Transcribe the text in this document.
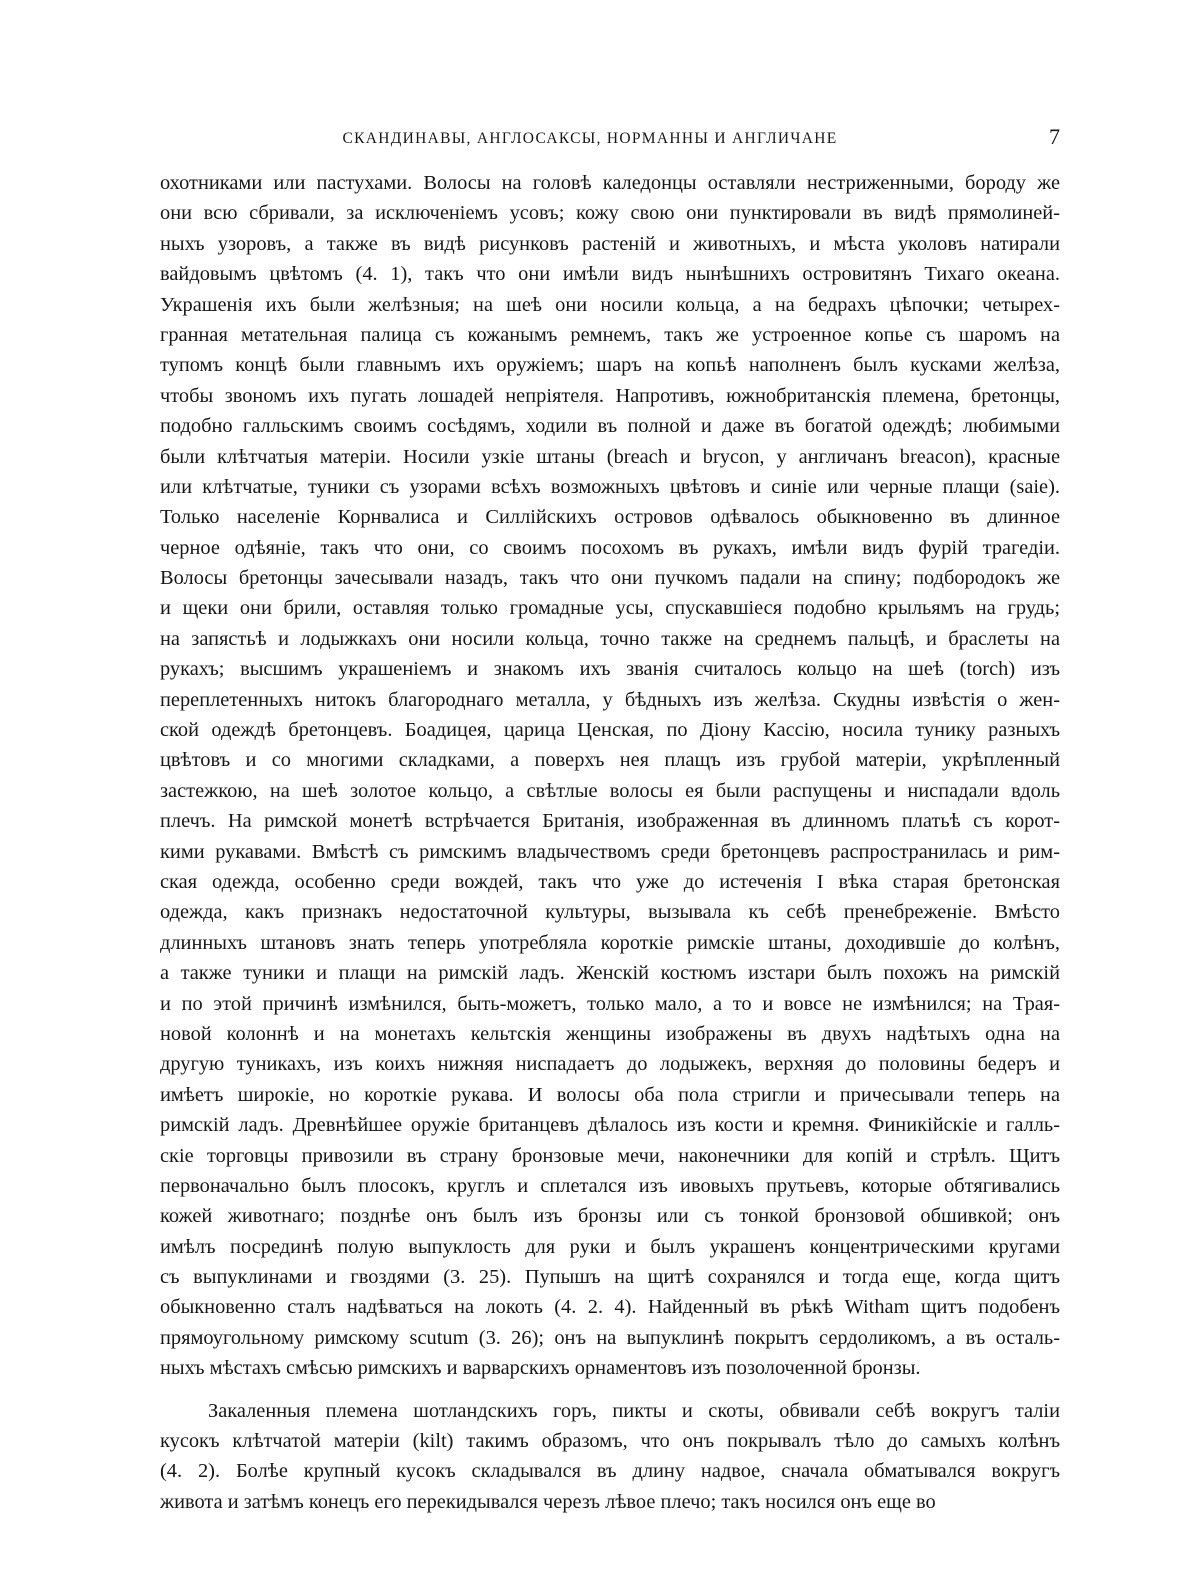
СКАНДИНАВЫ, АНГЛОСАКСЫ, НОРМАННЫ И АНГЛИЧАНЕ	7
охотниками или пастухами. Волосы на головѣ каледонцы оставляли нестриженными, бороду же
они всю сбривали, за исключеніемъ усовъ; кожу свою они пунктировали въ видѣ прямолиней-
ныхъ узоровъ, а также въ видѣ рисунковъ растеній и животныхъ, и мѣста уколовъ натирали
вайдовымъ цвѣтомъ (4. 1), такъ что они имѣли видъ нынѣшнихъ островитянъ Тихаго океана.
Украшенія ихъ были желѣзныя; на шеѣ они носили кольца, а на бедрахъ цѣпочки; четырех-
гранная метательная палица съ кожанымъ ремнемъ, такъ же устроенное копье съ шаромъ на
тупомъ концѣ были главнымъ ихъ оружіемъ; шаръ на копьѣ наполненъ былъ кусками желѣза,
чтобы звономъ ихъ пугать лошадей непріятеля. Напротивъ, южнобританскія племена, бретонцы,
подобно галльскимъ своимъ сосѣдямъ, ходили въ полной и даже въ богатой одеждѣ; любимыми
были клѣтчатыя матеріи. Носили узкіе штаны (breach и brycon, у англичанъ breacon), красные
или клѣтчатые, туники съ узорами всѣхъ возможныхъ цвѣтовъ и синіе или черные плащи (saie).
Только населеніе Корнвалиса и Силлійскихъ островов одѣвалось обыкновенно въ длинное
черное одѣяніе, такъ что они, со своимъ посохомъ въ рукахъ, имѣли видъ фурій трагедіи.
Волосы бретонцы зачесывали назадъ, такъ что они пучкомъ падали на спину; подбородокъ же
и щеки они брили, оставляя только громадные усы, спускавшіеся подобно крыльямъ на грудь;
на запястьѣ и лодыжкахъ они носили кольца, точно также на среднемъ пальцѣ, и браслеты на
рукахъ; высшимъ украшеніемъ и знакомъ ихъ званія считалось кольцо на шеѣ (torch) изъ
переплетенныхъ нитокъ благороднаго металла, у бѣдныхъ изъ желѣза. Скудны извѣстія о жен-
ской одеждѣ бретонцевъ. Боадицея, царица Ценская, по Діону Кассію, носила тунику разныхъ
цвѣтовъ и со многими складками, а поверхъ нея плащъ изъ грубой матеріи, укрѣпленный
застежкою, на шеѣ золотое кольцо, а свѣтлые волосы ея были распущены и ниспадали вдоль
плечъ. На римской монетѣ встрѣчается Британія, изображенная въ длинномъ платьѣ съ корот-
кими рукавами. Вмѣстѣ съ римскимъ владычествомъ среди бретонцевъ распространилась и рим-
ская одежда, особенно среди вождей, такъ что уже до истеченія I вѣка старая бретонская
одежда, какъ признакъ недостаточной культуры, вызывала къ себѣ пренебреженіе. Вмѣсто
длинныхъ штановъ знать теперь употребляла короткіе римскіе штаны, доходившіе до колѣнъ,
а также туники и плащи на римскій ладъ. Женскій костюмъ изстари былъ похожъ на римскій
и по этой причинѣ измѣнился, быть-можетъ, только мало, а то и вовсе не измѣнился; на Трая-
новой колоннѣ и на монетахъ кельтскія женщины изображены въ двухъ надѣтыхъ одна на
другую туникахъ, изъ коихъ нижняя ниспадаетъ до лодыжекъ, верхняя до половины бедеръ и
имѣетъ широкіе, но короткіе рукава. И волосы оба пола стригли и причесывали теперь на
римскій ладъ. Древнѣйшее оружіе британцевъ дѣлалось изъ кости и кремня. Финикійскіе и галль-
скіе торговцы привозили въ страну бронзовые мечи, наконечники для копій и стрѣлъ. Щитъ
первоначально былъ плосокъ, круглъ и сплетался изъ ивовыхъ прутьевъ, которые обтягивались
кожей животнаго; позднѣе онъ былъ изъ бронзы или съ тонкой бронзовой обшивкой; онъ
имѣлъ посрединѣ полую выпуклость для руки и былъ украшенъ концентрическими кругами
съ выпуклинами и гвоздями (3. 25). Пупышъ на щитѣ сохранялся и тогда еще, когда щитъ
обыкновенно сталъ надѣваться на локоть (4. 2. 4). Найденный въ рѣкѣ Witham щитъ подобенъ
прямоугольному римскому scutum (3. 26); онъ на выпуклинѣ покрытъ сердоликомъ, а въ осталь-
ныхъ мѣстахъ смѣсью римскихъ и варварскихъ орнаментовъ изъ позолоченной бронзы.
Закаленныя племена шотландскихъ горъ, пикты и скоты, обвивали себѣ вокругъ таліи
кусокъ клѣтчатой матеріи (kilt) такимъ образомъ, что онъ покрывалъ тѣло до самыхъ колѣнъ
(4. 2). Болѣе крупный кусокъ складывался въ длину надвое, сначала обматывался вокругъ
живота и затѣмъ конецъ его перекидывался черезъ лѣвое плечо; такъ носился онъ еще во
